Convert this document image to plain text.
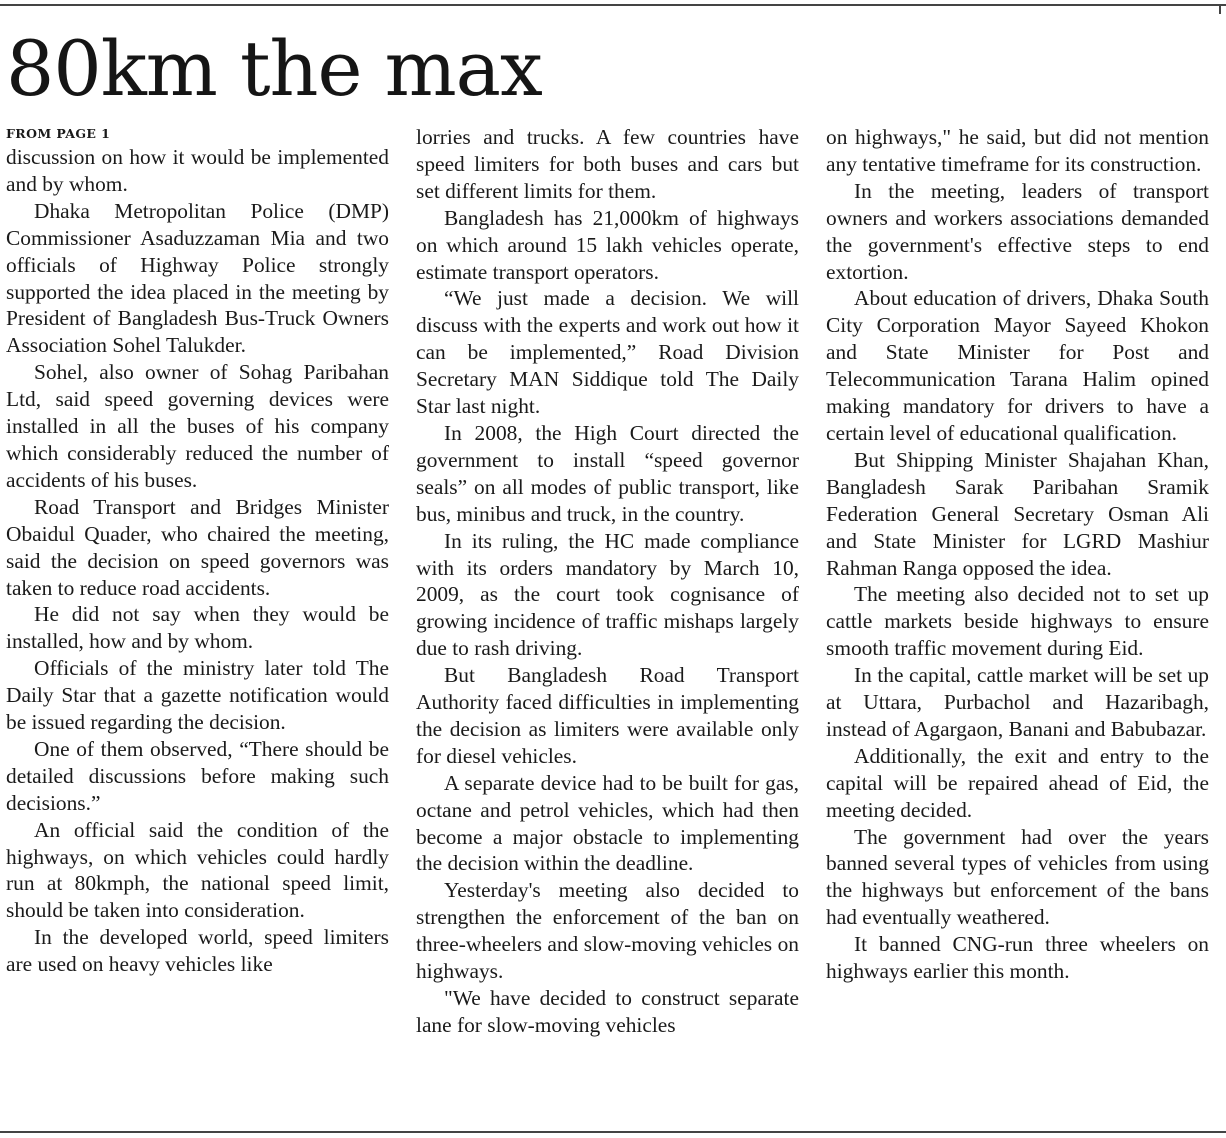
80km the max
FROM PAGE 1

discussion on how it would be implemented and by whom.

Dhaka Metropolitan Police (DMP) Commissioner Asaduzzaman Mia and two officials of Highway Police strongly supported the idea placed in the meeting by President of Bangladesh Bus-Truck Owners Association Sohel Talukder.

Sohel, also owner of Sohag Paribahan Ltd, said speed governing devices were installed in all the buses of his company which considerably reduced the number of accidents of his buses.

Road Transport and Bridges Minister Obaidul Quader, who chaired the meeting, said the decision on speed governors was taken to reduce road accidents.

He did not say when they would be installed, how and by whom.

Officials of the ministry later told The Daily Star that a gazette notification would be issued regarding the decision.

One of them observed, “There should be detailed discussions before making such decisions.”

An official said the condition of the highways, on which vehicles could hardly run at 80kmph, the national speed limit, should be taken into consideration.

In the developed world, speed limiters are used on heavy vehicles like

lorries and trucks. A few countries have speed limiters for both buses and cars but set different limits for them.

Bangladesh has 21,000km of highways on which around 15 lakh vehicles operate, estimate transport operators.

“We just made a decision. We will discuss with the experts and work out how it can be implemented,” Road Division Secretary MAN Siddique told The Daily Star last night.

In 2008, the High Court directed the government to install “speed governor seals” on all modes of public transport, like bus, minibus and truck, in the country.

In its ruling, the HC made compliance with its orders mandatory by March 10, 2009, as the court took cognisance of growing incidence of traffic mishaps largely due to rash driving.

But Bangladesh Road Transport Authority faced difficulties in implementing the decision as limiters were available only for diesel vehicles.

A separate device had to be built for gas, octane and petrol vehicles, which had then become a major obstacle to implementing the decision within the deadline.

Yesterday's meeting also decided to strengthen the enforcement of the ban on three-wheelers and slow-moving vehicles on highways.

"We have decided to construct separate lane for slow-moving vehicles

on highways," he said, but did not mention any tentative timeframe for its construction.

In the meeting, leaders of transport owners and workers associations demanded the government's effective steps to end extortion.

About education of drivers, Dhaka South City Corporation Mayor Sayeed Khokon and State Minister for Post and Telecommunication Tarana Halim opined making mandatory for drivers to have a certain level of educational qualification.

But Shipping Minister Shajahan Khan, Bangladesh Sarak Paribahan Sramik Federation General Secretary Osman Ali and State Minister for LGRD Mashiur Rahman Ranga opposed the idea.

The meeting also decided not to set up cattle markets beside highways to ensure smooth traffic movement during Eid.

In the capital, cattle market will be set up at Uttara, Purbachol and Hazaribagh, instead of Agargaon, Banani and Babubazar.

Additionally, the exit and entry to the capital will be repaired ahead of Eid, the meeting decided.

The government had over the years banned several types of vehicles from using the highways but enforcement of the bans had eventually weathered.

It banned CNG-run three wheelers on highways earlier this month.
